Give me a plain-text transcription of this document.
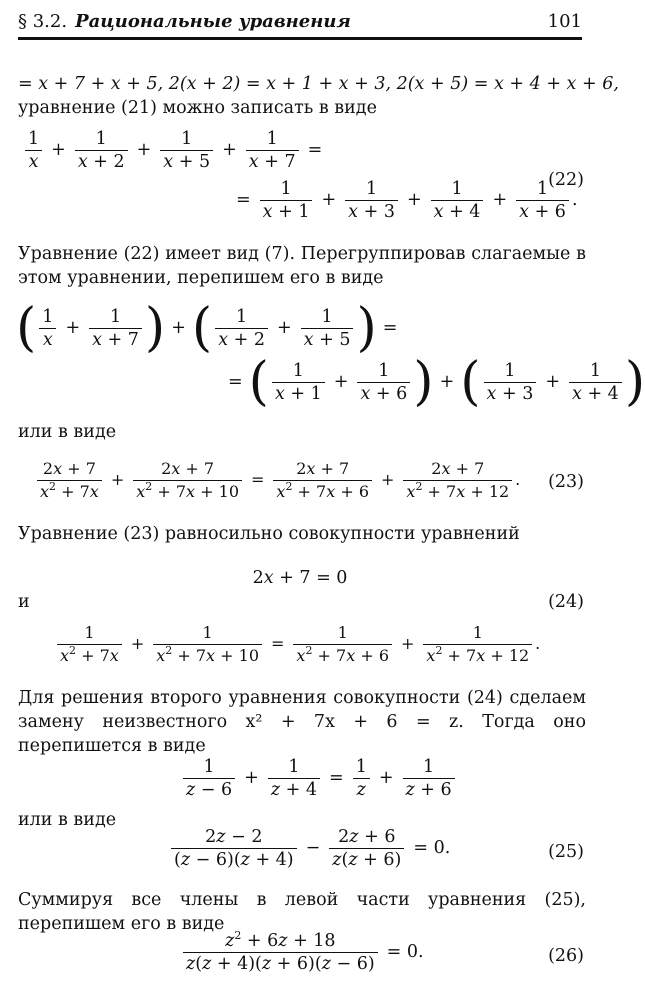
§ 3.2. Рациональные уравнения	101
= x + 7 + x + 5, 2(x + 2) = x + 1 + x + 3, 2(x + 5) = x + 4 + x + 6,
уравнение (21) можно записать в виде
$\frac{1}{x} + \frac{1}{x + 2} + \frac{1}{x + 5} + \frac{1}{x + 7}$ =
= $\frac{1}{x + 1} + \frac{1}{x + 3} + \frac{1}{x + 4} + \frac{1}{x + 6}$ .
(22)
Уравнение (22) имеет вид (7). Перегруппировав слагаемые в этом уравнении, перепишем его в виде
( $\frac{1}{x} + \frac{1}{x + 7}$ ) + ( $\frac{1}{x + 2} + \frac{1}{x + 5}$ ) =
= ( $\frac{1}{x + 1} + \frac{1}{x + 6}$ ) + ( $\frac{1}{x + 3} + \frac{1}{x + 4}$ )
или в виде
$\frac{2x + 7}{x^2 + 7x} + \frac{2x + 7}{x^2 + 7x + 10} = \frac{2x + 7}{x^2 + 7x + 6} + \frac{2x + 7}{x^2 + 7x + 12}$ . (23)
Уравнение (23) равносильно совокупности уравнений
2x + 7 = 0
и	(24)
$\frac{1}{x^2 + 7x} + \frac{1}{x^2 + 7x + 10} = \frac{1}{x^2 + 7x + 6} + \frac{1}{x^2 + 7x + 12}$ .
Для решения второго уравнения совокупности (24) сделаем замену неизвестного x² + 7x + 6 = z. Тогда оно перепишется в виде
$\frac{1}{z - 6} + \frac{1}{z + 4} = \frac{1}{z} + \frac{1}{z + 6}$
или в виде
$\frac{2z - 2}{(z - 6)(z + 4)} - \frac{2z + 6}{z(z + 6)} = 0$.	(25)
Суммируя все члены в левой части уравнения (25), перепишем его в виде
$\frac{z^2 + 6z + 18}{z(z + 4)(z + 6)(z - 6)} = 0$.	(26)
